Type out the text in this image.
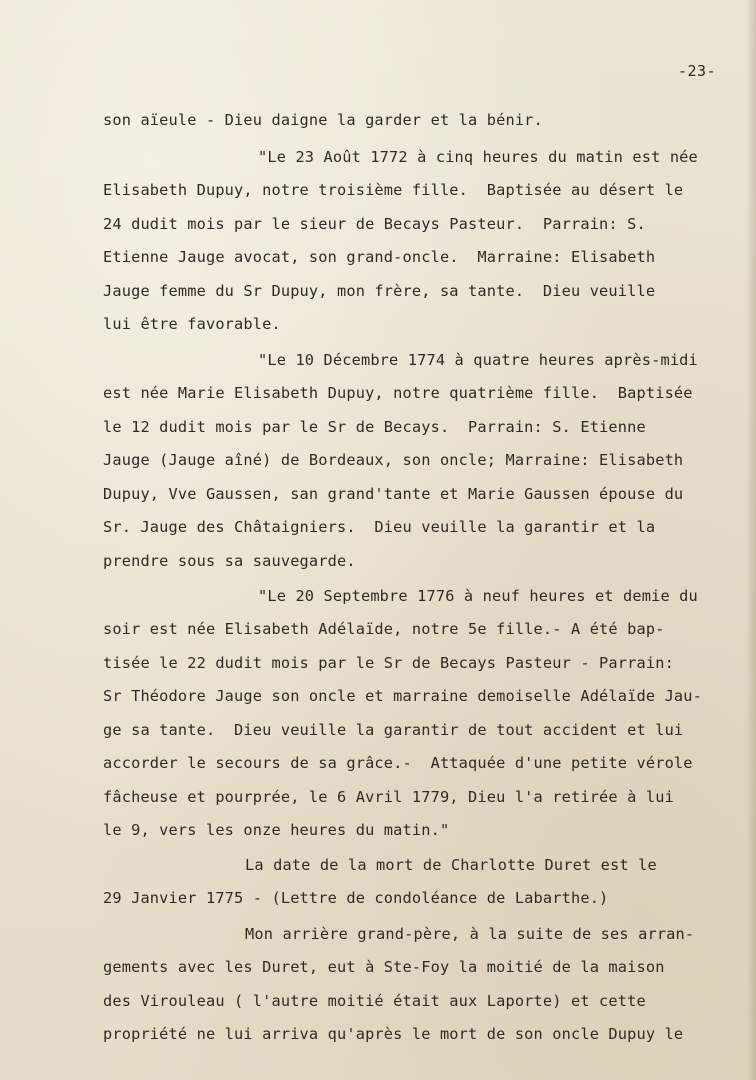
-23-
son aïeule - Dieu daigne la garder et la bénir.
"Le 23 Août 1772 à cinq heures du matin est née
Elisabeth Dupuy, notre troisième fille.  Baptisée au désert le
24 dudit mois par le sieur de Becays Pasteur.  Parrain: S.
Etienne Jauge avocat, son grand-oncle.  Marraine: Elisabeth
Jauge femme du Sr Dupuy, mon frère, sa tante.  Dieu veuille
lui être favorable.
"Le 10 Décembre 1774 à quatre heures après-midi
est née Marie Elisabeth Dupuy, notre quatrième fille.  Baptisée
le 12 dudit mois par le Sr de Becays.  Parrain: S. Etienne
Jauge (Jauge aîné) de Bordeaux, son oncle; Marraine: Elisabeth
Dupuy, Vve Gaussen, san grand'tante et Marie Gaussen épouse du
Sr. Jauge des Châtaigniers.  Dieu veuille la garantir et la
prendre sous sa sauvegarde.
"Le 20 Septembre 1776 à neuf heures et demie du
soir est née Elisabeth Adélaïde, notre 5e fille.- A été bap-
tisée le 22 dudit mois par le Sr de Becays Pasteur - Parrain:
Sr Théodore Jauge son oncle et marraine demoiselle Adélaïde Jau-
ge sa tante.  Dieu veuille la garantir de tout accident et lui
accorder le secours de sa grâce.-  Attaquée d'une petite vérole
fâcheuse et pourprée, le 6 Avril 1779, Dieu l'a retirée à lui
le 9, vers les onze heures du matin."
La date de la mort de Charlotte Duret est le
29 Janvier 1775 - (Lettre de condoléance de Labarthe.)
Mon arrière grand-père, à la suite de ses arran-
gements avec les Duret, eut à Ste-Foy la moitié de la maison
des Virouleau ( l'autre moitié était aux Laporte) et cette
propriété ne lui arriva qu'après le mort de son oncle Dupuy le
